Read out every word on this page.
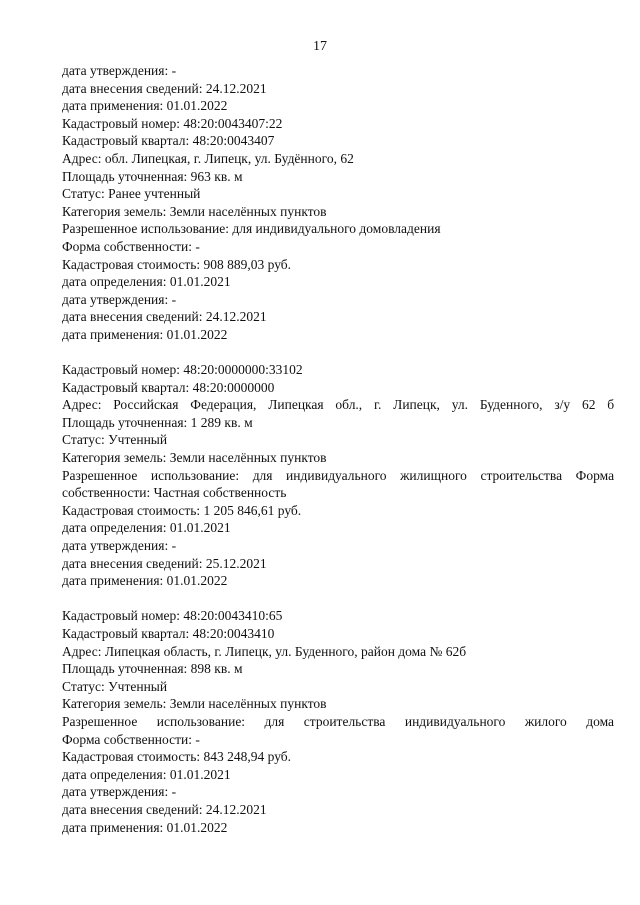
17
дата утверждения: -
дата внесения сведений: 24.12.2021
дата применения: 01.01.2022
Кадастровый номер: 48:20:0043407:22
Кадастровый квартал: 48:20:0043407
Адрес: обл. Липецкая, г. Липецк, ул. Будённого, 62
Площадь уточненная: 963 кв. м
Статус: Ранее учтенный
Категория земель: Земли населённых пунктов
Разрешенное использование: для индивидуального домовладения
Форма собственности: -
Кадастровая стоимость: 908 889,03 руб.
дата определения: 01.01.2021
дата утверждения: -
дата внесения сведений: 24.12.2021
дата применения: 01.01.2022
Кадастровый номер: 48:20:0000000:33102
Кадастровый квартал: 48:20:0000000
Адрес: Российская Федерация, Липецкая обл., г. Липецк, ул. Буденного, з/у 62 б
Площадь уточненная: 1 289 кв. м
Статус: Учтенный
Категория земель: Земли населённых пунктов
Разрешенное использование: для индивидуального жилищного строительства Форма
собственности: Частная собственность
Кадастровая стоимость: 1 205 846,61 руб.
дата определения: 01.01.2021
дата утверждения: -
дата внесения сведений: 25.12.2021
дата применения: 01.01.2022
Кадастровый номер: 48:20:0043410:65
Кадастровый квартал: 48:20:0043410
Адрес: Липецкая область, г. Липецк, ул. Буденного, район дома № 62б
Площадь уточненная: 898 кв. м
Статус: Учтенный
Категория земель: Земли населённых пунктов
Разрешенное использование: для строительства индивидуального жилого дома
Форма собственности: -
Кадастровая стоимость: 843 248,94 руб.
дата определения: 01.01.2021
дата утверждения: -
дата внесения сведений: 24.12.2021
дата применения: 01.01.2022
